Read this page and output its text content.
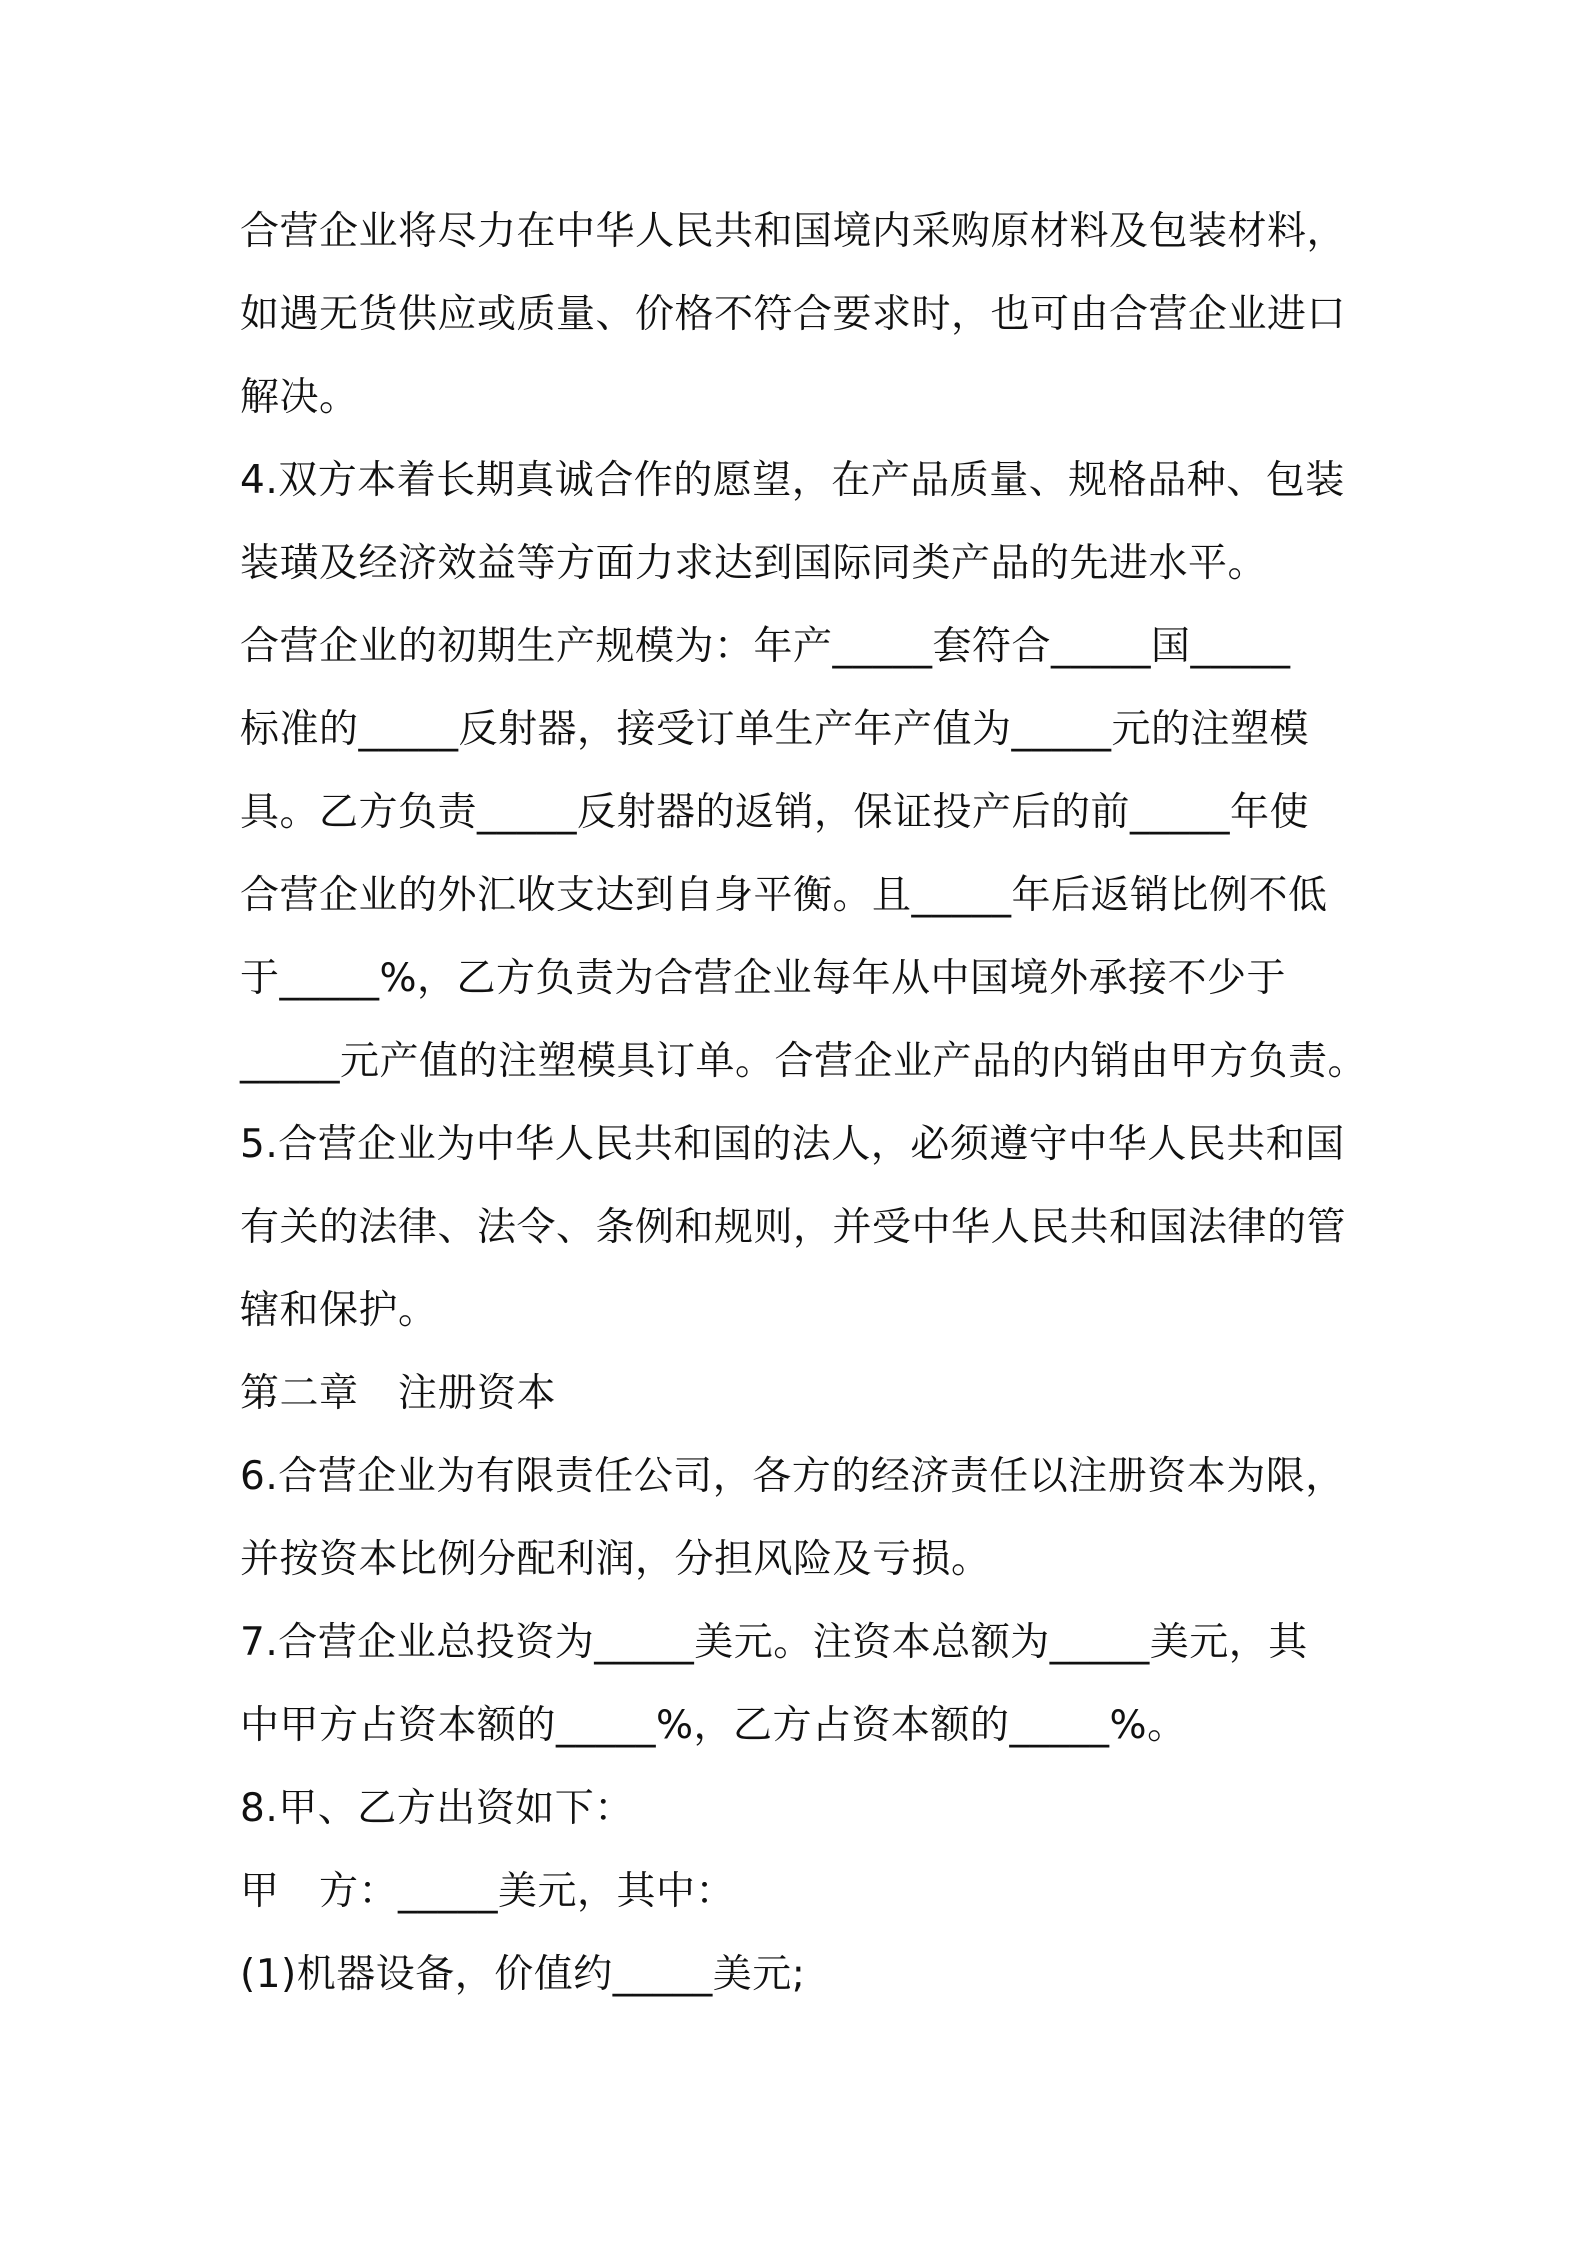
合营企业将尽力在中华人民共和国境内采购原材料及包装材料，
如遇无货供应或质量、价格不符合要求时，也可由合营企业进口
解决。
4.双方本着长期真诚合作的愿望，在产品质量、规格品种、包装
装璜及经济效益等方面力求达到国际同类产品的先进水平。
合营企业的初期生产规模为：年产_____套符合_____国_____
标准的_____反射器，接受订单生产年产值为_____元的注塑模
具。乙方负责_____反射器的返销，保证投产后的前_____年使
合营企业的外汇收支达到自身平衡。且_____年后返销比例不低
于_____%，乙方负责为合营企业每年从中国境外承接不少于
_____元产值的注塑模具订单。合营企业产品的内销由甲方负责。
5.合营企业为中华人民共和国的法人，必须遵守中华人民共和国
有关的法律、法令、条例和规则，并受中华人民共和国法律的管
辖和保护。
第二章　注册资本
6.合营企业为有限责任公司，各方的经济责任以注册资本为限，
并按资本比例分配利润，分担风险及亏损。
7.合营企业总投资为_____美元。注资本总额为_____美元，其
中甲方占资本额的_____%，乙方占资本额的_____%。
8.甲、乙方出资如下：
甲　方：_____美元，其中：
(1)机器设备，价值约_____美元;
